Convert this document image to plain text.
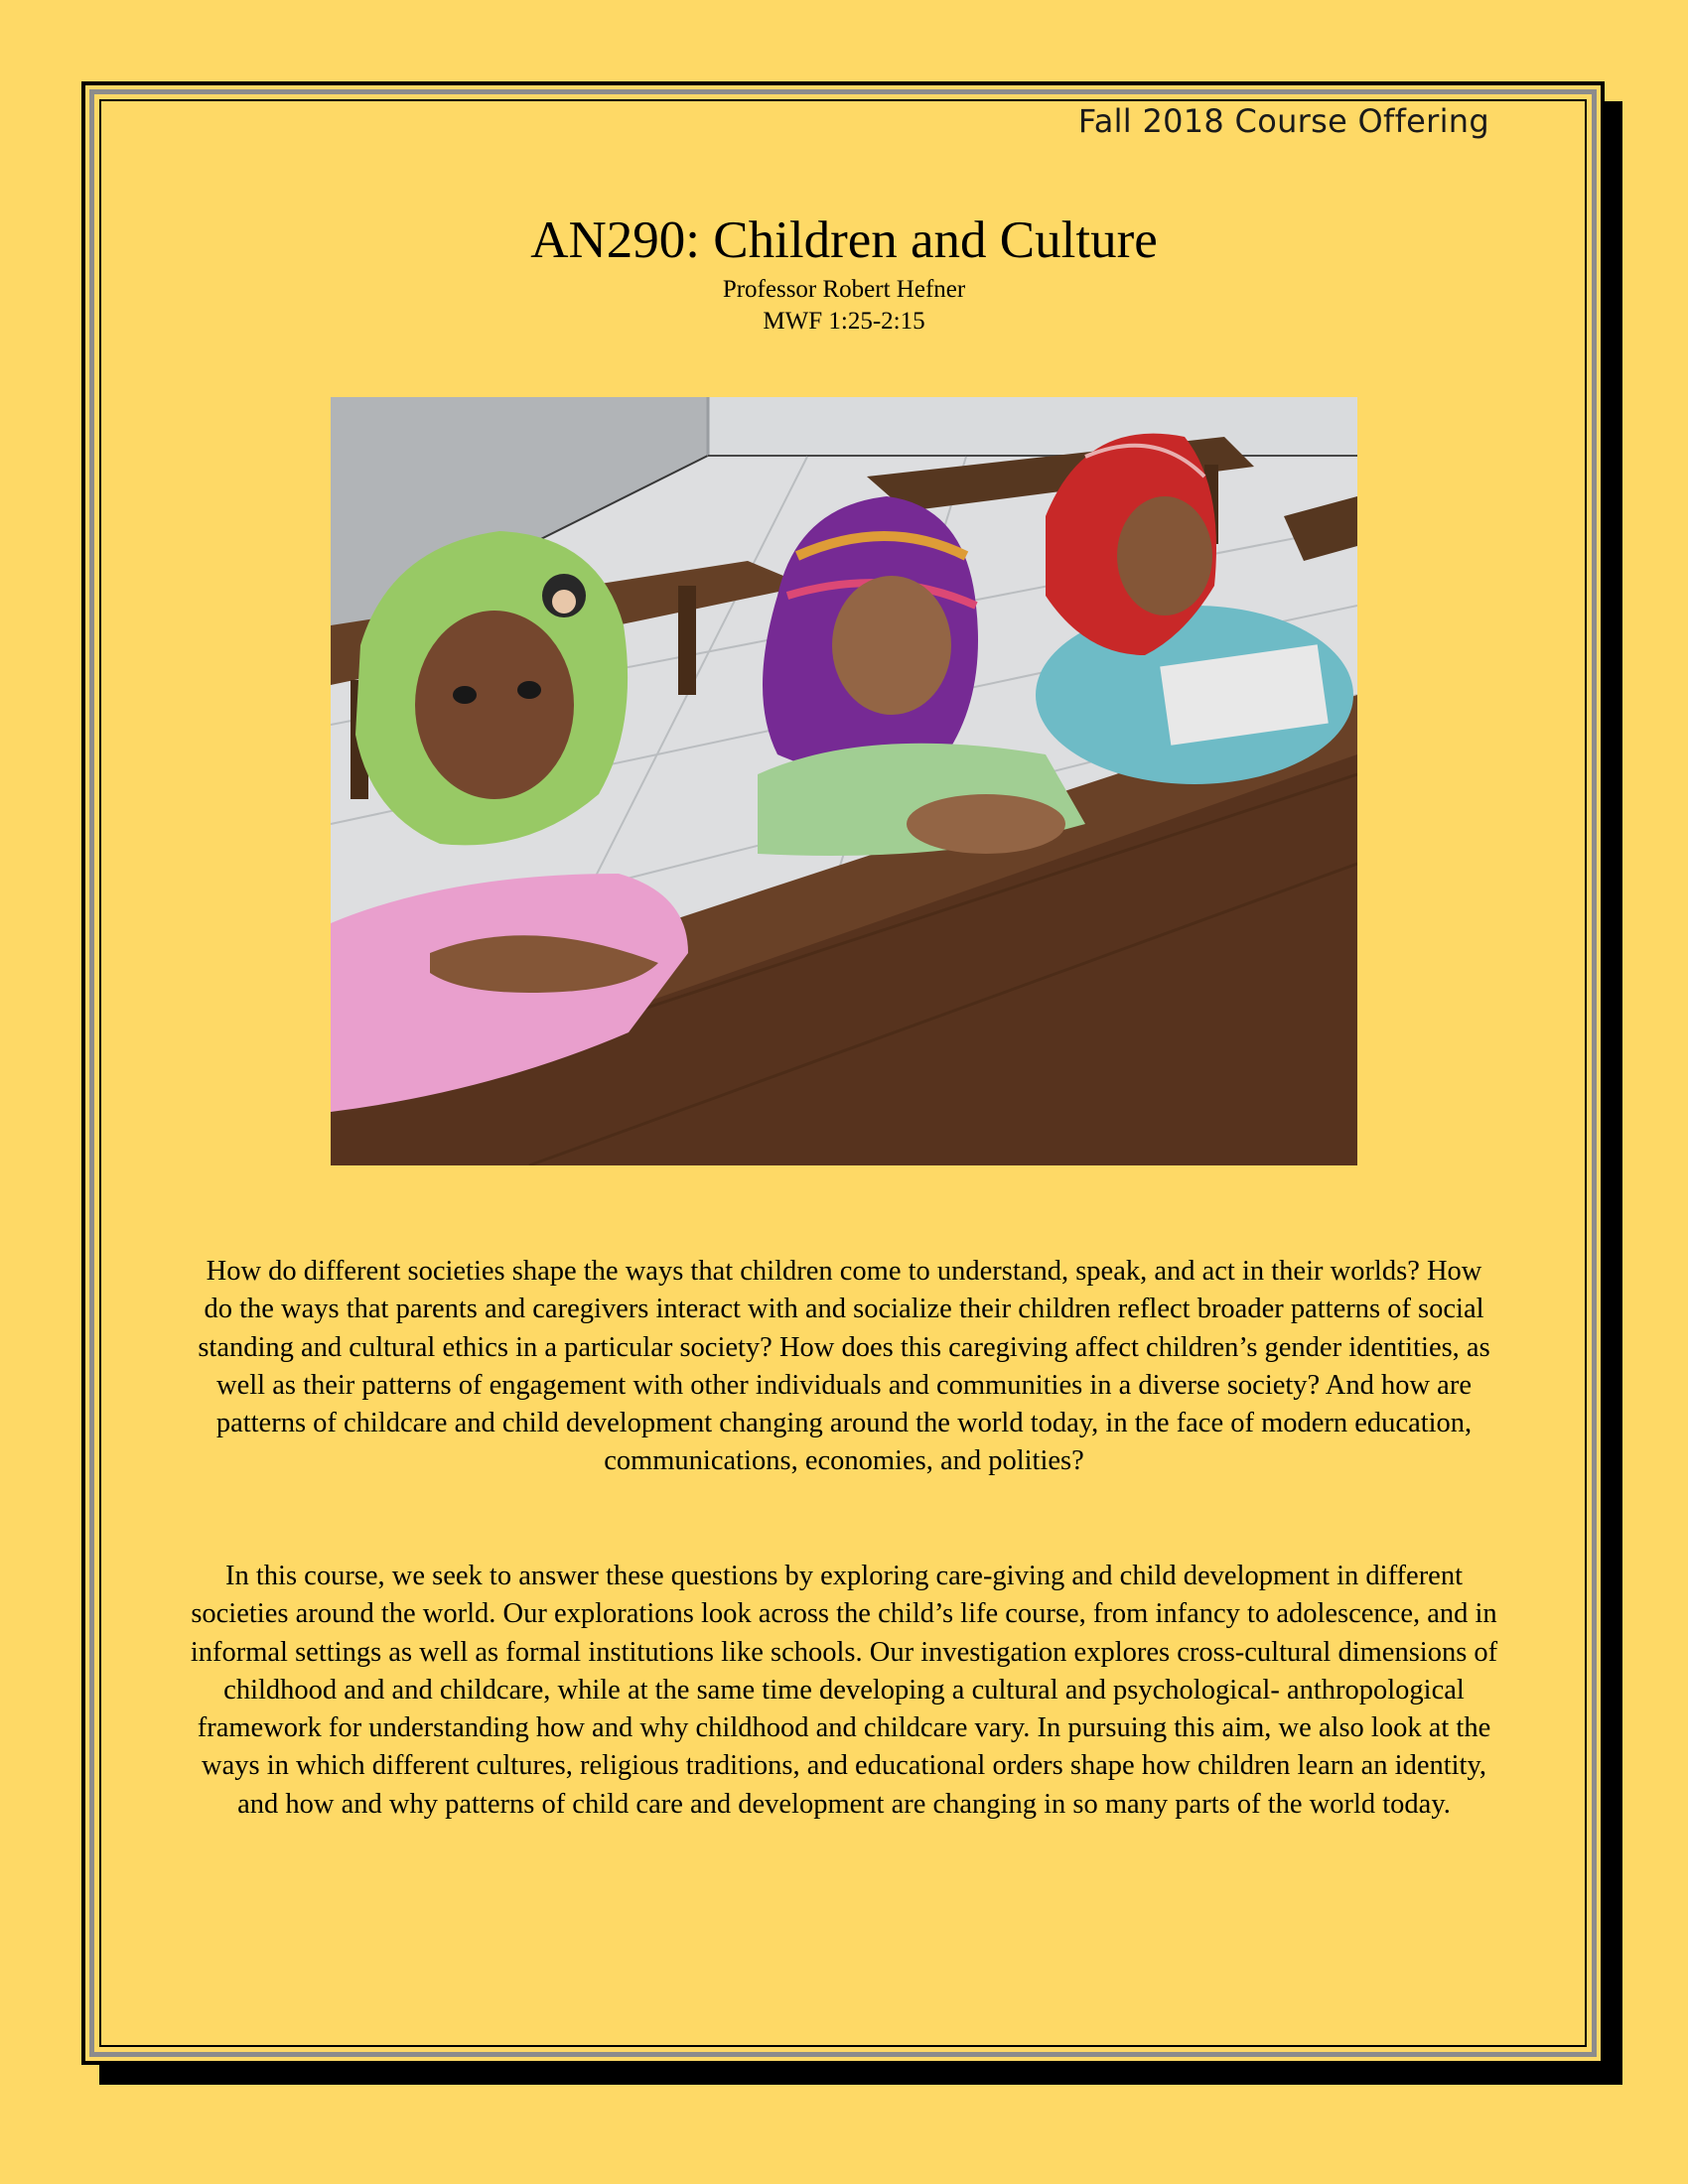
Fall 2018 Course Offering
AN290: Children and Culture
Professor Robert Hefner
MWF 1:25-2:15
How do different societies shape the ways that children come to understand, speak, and act in their worlds? How do the ways that parents and caregivers interact with and socialize their children reflect broader patterns of social standing and cultural ethics in a particular society? How does this caregiving affect children’s gender identities, as well as their patterns of engagement with other individuals and communities in a diverse society? And how are patterns of childcare and child development changing around the world today, in the face of modern education, communications, economies, and polities?
In this course, we seek to answer these questions by exploring care-giving and child development in different societies around the world. Our explorations look across the child’s life course, from infancy to adolescence, and in informal settings as well as formal institutions like schools. Our investigation explores cross-cultural dimensions of childhood and and childcare, while at the same time developing a cultural and psychological- anthropological framework for understanding how and why childhood and childcare vary. In pursuing this aim, we also look at the ways in which different cultures, religious traditions, and educational orders shape how children learn an identity, and how and why patterns of child care and development are changing in so many parts of the world today.
